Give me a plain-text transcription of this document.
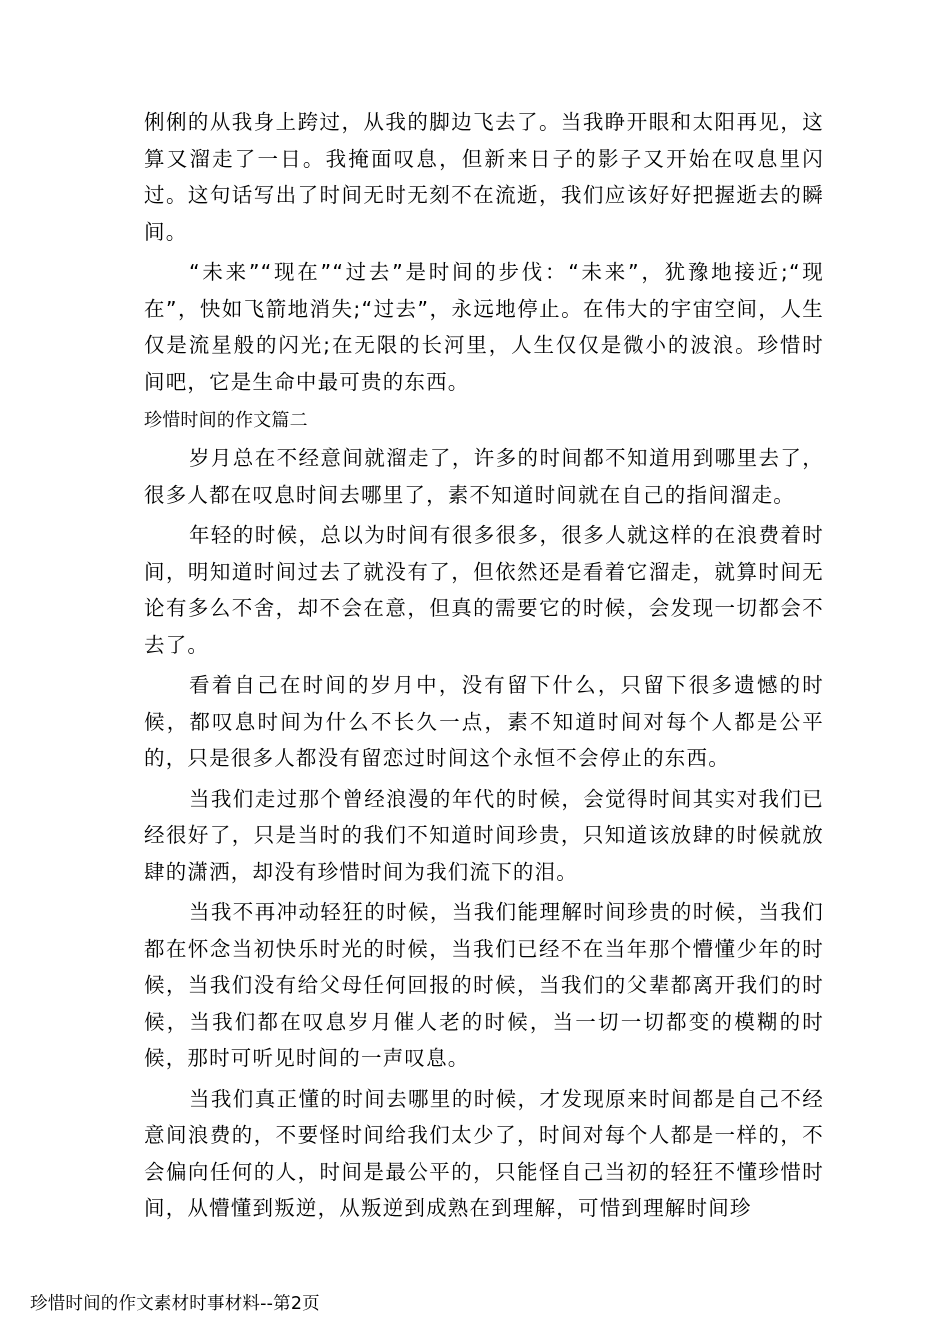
俐俐的从我身上跨过，从我的脚边飞去了。当我睁开眼和太阳再见，这算又溜走了一日。我掩面叹息，但新来日子的影子又开始在叹息里闪过。这句话写出了时间无时无刻不在流逝，我们应该好好把握逝去的瞬间。

“未来”“现在”“过去”是时间的步伐：“未来”，犹豫地接近;“现在”，快如飞箭地消失;“过去”，永远地停止。在伟大的宇宙空间，人生仅是流星般的闪光;在无限的长河里，人生仅仅是微小的波浪。珍惜时间吧，它是生命中最可贵的东西。

珍惜时间的作文篇二

岁月总在不经意间就溜走了，许多的时间都不知道用到哪里去了，很多人都在叹息时间去哪里了，素不知道时间就在自己的指间溜走。

年轻的时候，总以为时间有很多很多，很多人就这样的在浪费着时间，明知道时间过去了就没有了，但依然还是看着它溜走，就算时间无论有多么不舍，却不会在意，但真的需要它的时候，会发现一切都会不去了。

看着自己在时间的岁月中，没有留下什么，只留下很多遗憾的时候，都叹息时间为什么不长久一点，素不知道时间对每个人都是公平的，只是很多人都没有留恋过时间这个永恒不会停止的东西。

当我们走过那个曾经浪漫的年代的时候，会觉得时间其实对我们已经很好了，只是当时的我们不知道时间珍贵，只知道该放肆的时候就放肆的潇洒，却没有珍惜时间为我们流下的泪。

当我不再冲动轻狂的时候，当我们能理解时间珍贵的时候，当我们都在怀念当初快乐时光的时候，当我们已经不在当年那个懵懂少年的时候，当我们没有给父母任何回报的时候，当我们的父辈都离开我们的时候，当我们都在叹息岁月催人老的时候，当一切一切都变的模糊的时候，那时可听见时间的一声叹息。

当我们真正懂的时间去哪里的时候，才发现原来时间都是自己不经意间浪费的，不要怪时间给我们太少了，时间对每个人都是一样的，不会偏向任何的人，时间是最公平的，只能怪自己当初的轻狂不懂珍惜时间，从懵懂到叛逆，从叛逆到成熟在到理解，可惜到理解时间珍

珍惜时间的作文素材时事材料--第2页
